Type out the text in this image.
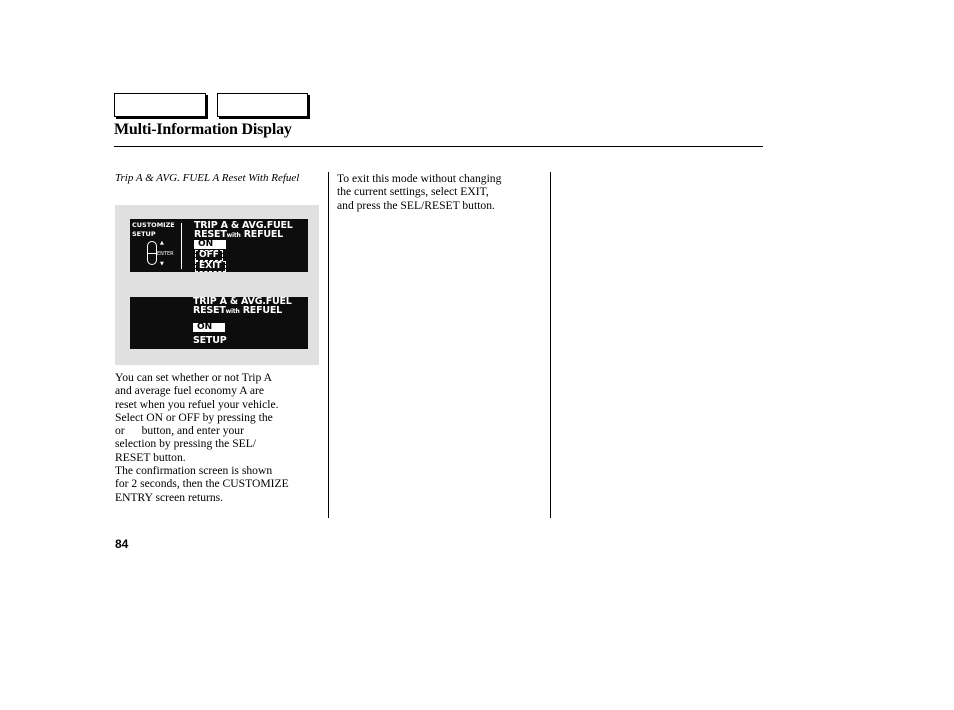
Multi-Information Display
Trip A & AVG. FUEL A Reset With Refuel
CUSTOMIZE
SETUP
▲
▼
ENTER
TRIP A & AVG.FUEL
RESETwith REFUEL
ON
OFF
EXIT
TRIP A & AVG.FUEL
RESETwith REFUEL
ON
SETUP

You can set whether or not Trip A
and average fuel economy A are
reset when you refuel your vehicle.
Select ON or OFF by pressing the
or button, and enter your
selection by pressing the SEL/
RESET button.

The confirmation screen is shown
for 2 seconds, then the CUSTOMIZE
ENTRY screen returns.

To exit this mode without changing
the current settings, select EXIT,
and press the SEL/RESET button.

84
